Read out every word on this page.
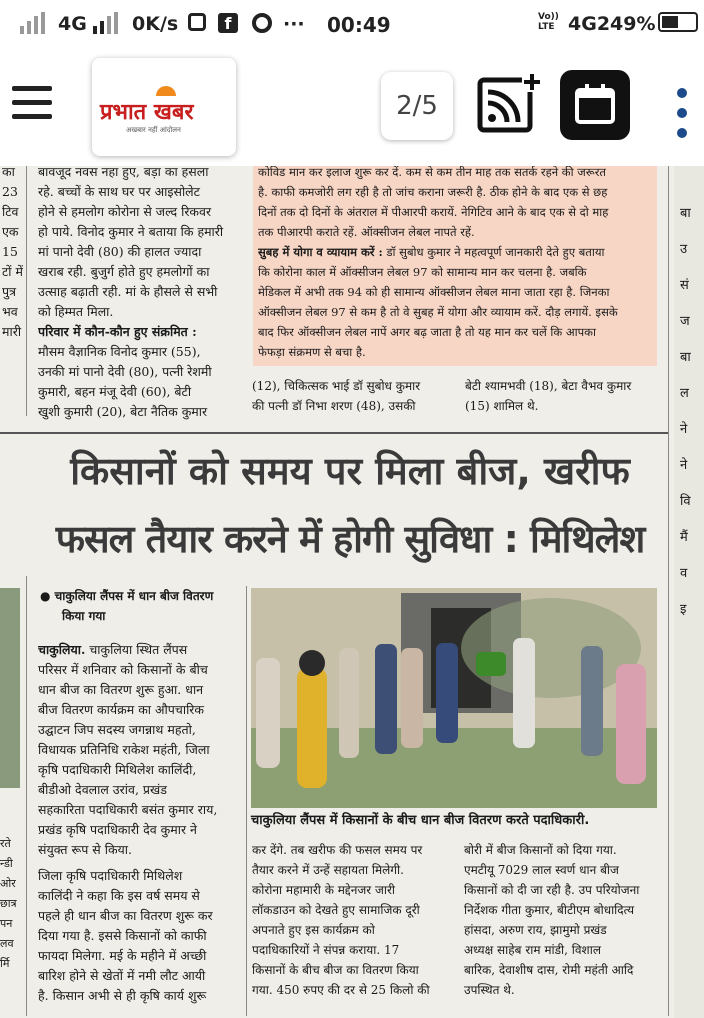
4G 0K/s	f	··· 00:49	Vo)) LTE 4G2 49%
प्रभात खबर
अखबार नहीं आंदोलन
2/5

का

23

टिव

एक

15

टों में

पुत्र

भव

मारी

बावजूद नवस नहा हुए, बड़ा का हसला

रहे. बच्चों के साथ घर पर आइसोलेट

होने से हमलोग कोरोना से जल्द रिकवर

हो पाये. विनोद कुमार ने बताया कि हमारी

मां पानो देवी (80) की हालत ज्यादा

खराब रही. बुजुर्ग होते हुए हमलोगों का

उत्साह बढ़ाती रही. मां के हौसले से सभी

को हिम्मत मिला.

परिवार में कौन-कौन हुए संक्रमित :

मौसम वैज्ञानिक विनोद कुमार (55),

उनकी मां पानो देवी (80), पत्नी रेशमी

कुमारी, बहन मंजू देवी (60), बेटी

खुशी कुमारी (20), बेटा नैतिक कुमार

कोविड मान कर इलाज शुरू कर दें. कम से कम तीन माह तक सतर्क रहने की जरूरत

है. काफी कमजोरी लग रही है तो जांच कराना जरूरी है. ठीक होने के बाद एक से छह

दिनों तक दो दिनों के अंतराल में पीआरपी करायें. नेगिटिव आने के बाद एक से दो माह

तक पीआरपी कराते रहें. ऑक्सीजन लेबल नापते रहें.

सुबह में योगा व व्यायाम करें : डॉ सुबोध कुमार ने महत्वपूर्ण जानकारी देते हुए बताया

कि कोरोना काल में ऑक्सीजन लेबल 97 को सामान्य मान कर चलना है. जबकि

मेडिकल में अभी तक 94 को ही सामान्य ऑक्सीजन लेबल माना जाता रहा है. जिनका

ऑक्सीजन लेबल 97 से कम है तो वे सुबह में योगा और व्यायाम करें. दौड़ लगायें. इसके

बाद फिर ऑक्सीजन लेबल नापें अगर बढ़ जाता है तो यह मान कर चलें कि आपका

फेफड़ा संक्रमण से बचा है.

(12), चिकित्सक भाई डॉ सुबोध कुमार

की पत्नी डॉ निभा शरण (48), उसकी

बेटी श्यामभवी (18), बेटा वैभव कुमार

(15) शामिल थे.

बा

उ

सं

ज

बा

ल

ने

ने

वि

मैं

व

इ

किसानों को समय पर मिला बीज, खरीफ
फसल तैयार करने में होगी सुविधा : मिथिलेश

रते

न्डी

ओर

छात्र

पन

लव

र्मि

● चाकुलिया लैंपस में धान बीज वितरण

किया गया

चाकुलिया. चाकुलिया स्थित लैंपस

परिसर में शनिवार को किसानों के बीच

धान बीज का वितरण शुरू हुआ. धान

बीज वितरण कार्यक्रम का औपचारिक

उद्घाटन जिप सदस्य जगन्नाथ महतो,

विधायक प्रतिनिधि राकेश महंती, जिला

कृषि पदाधिकारी मिथिलेश कालिंदी,

बीडीओ देवलाल उरांव, प्रखंड

सहकारिता पदाधिकारी बसंत कुमार राय,

प्रखंड कृषि पदाधिकारी देव कुमार ने

संयुक्त रूप से किया.

जिला कृषि पदाधिकारी मिथिलेश

कालिंदी ने कहा कि इस वर्ष समय से

पहले ही धान बीज का वितरण शुरू कर

दिया गया है. इससे किसानों को काफी

फायदा मिलेगा. मई के महीने में अच्छी

बारिश होने से खेतों में नमी लौट आयी

है. किसान अभी से ही कृषि कार्य शुरू

चाकुलिया लैंपस में किसानों के बीच धान बीज वितरण करते पदाधिकारी.

कर देंगे. तब खरीफ की फसल समय पर

तैयार करने में उन्हें सहायता मिलेगी.

कोरोना महामारी के मद्देनजर जारी

लॉकडाउन को देखते हुए सामाजिक दूरी

अपनाते हुए इस कार्यक्रम को

पदाधिकारियों ने संपन्न कराया. 17

किसानों के बीच बीज का वितरण किया

गया. 450 रुपए की दर से 25 किलो की

बोरी में बीज किसानों को दिया गया.

एमटीयू 7029 लाल स्वर्ण धान बीज

किसानों को दी जा रही है. उप परियोजना

निर्देशक गीता कुमार, बीटीएम बोधादित्य

हांसदा, अरुण राय, झामुमो प्रखंड

अध्यक्ष साहेब राम मांडी, विशाल

बारिक, देवाशीष दास, रोमी महंती आदि

उपस्थित थे.
